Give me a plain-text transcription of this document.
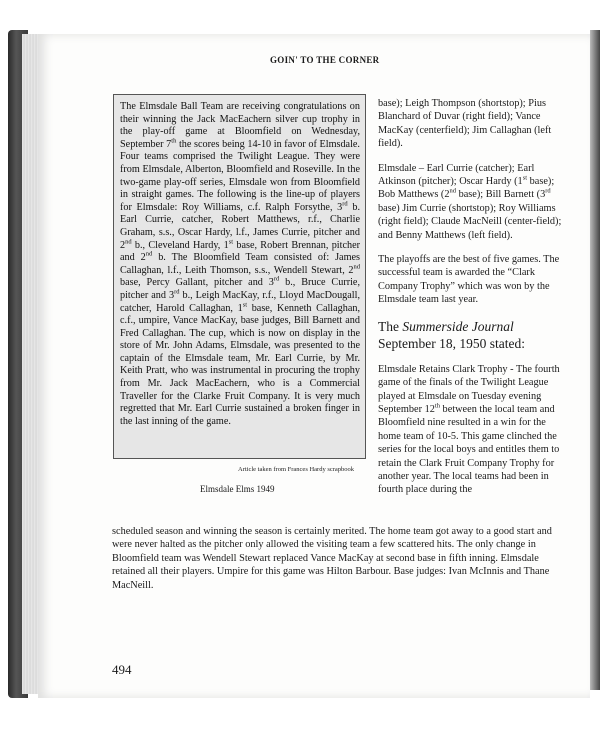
GOIN' TO THE CORNER

The Elmsdale Ball Team are receiving congratulations on their winning the Jack MacEachern silver cup trophy in the play-off game at Bloomfield on Wednesday, September 7th the scores being 14-10 in favor of Elmsdale. Four teams comprised the Twilight League. They were from Elmsdale, Alberton, Bloomfield and Roseville. In the two-game play-off series, Elmsdale won from Bloomfield in straight games. The following is the line-up of players for Elmsdale: Roy Williams, c.f. Ralph Forsythe, 3rd b. Earl Currie, catcher, Robert Matthews, r.f., Charlie Graham, s.s., Oscar Hardy, l.f., James Currie, pitcher and 2nd b., Cleveland Hardy, 1st base, Robert Brennan, pitcher and 2nd b. The Bloomfield Team consisted of: James Callaghan, l.f., Leith Thomson, s.s., Wendell Stewart, 2nd base, Percy Gallant, pitcher and 3rd b., Bruce Currie, pitcher and 3rd b., Leigh MacKay, r.f., Lloyd MacDougall, catcher, Harold Callaghan, 1st base, Kenneth Callaghan, c.f., umpire, Vance MacKay, base judges, Bill Barnett and Fred Callaghan. The cup, which is now on display in the store of Mr. John Adams, Elmsdale, was presented to the captain of the Elmsdale team, Mr. Earl Currie, by Mr. Keith Pratt, who was instrumental in procuring the trophy from Mr. Jack MacEachern, who is a Commercial Traveller for the Clarke Fruit Company. It is very much regretted that Mr. Earl Currie sustained a broken finger in the last inning of the game.

Article taken from Frances Hardy scrapbook
Elmsdale Elms 1949

base); Leigh Thompson (shortstop); Pius Blanchard of Duvar (right field); Vance MacKay (centerfield); Jim Callaghan (left field).

Elmsdale – Earl Currie (catcher); Earl Atkinson (pitcher); Oscar Hardy (1st base); Bob Matthews (2nd base); Bill Barnett (3rd base) Jim Currie (shortstop); Roy Williams (right field); Claude MacNeill (center-field); and Benny Matthews (left field).

The playoffs are the best of five games. The successful team is awarded the “Clark Company Trophy” which was won by the Elmsdale team last year.

The Summerside Journal September 18, 1950 stated:

Elmsdale Retains Clark Trophy - The fourth game of the finals of the Twilight League played at Elmsdale on Tuesday evening September 12th between the local team and Bloomfield nine resulted in a win for the home team of 10-5. This game clinched the series for the local boys and entitles them to retain the Clark Fruit Company Trophy for another year. The local teams had been in fourth place during the

scheduled season and winning the season is certainly merited. The home team got away to a good start and were never halted as the pitcher only allowed the visiting team a few scattered hits. The only change in Bloomfield team was Wendell Stewart replaced Vance MacKay at second base in fifth inning. Elmsdale retained all their players. Umpire for this game was Hilton Barbour. Base judges: Ivan McInnis and Thane MacNeill.

494
